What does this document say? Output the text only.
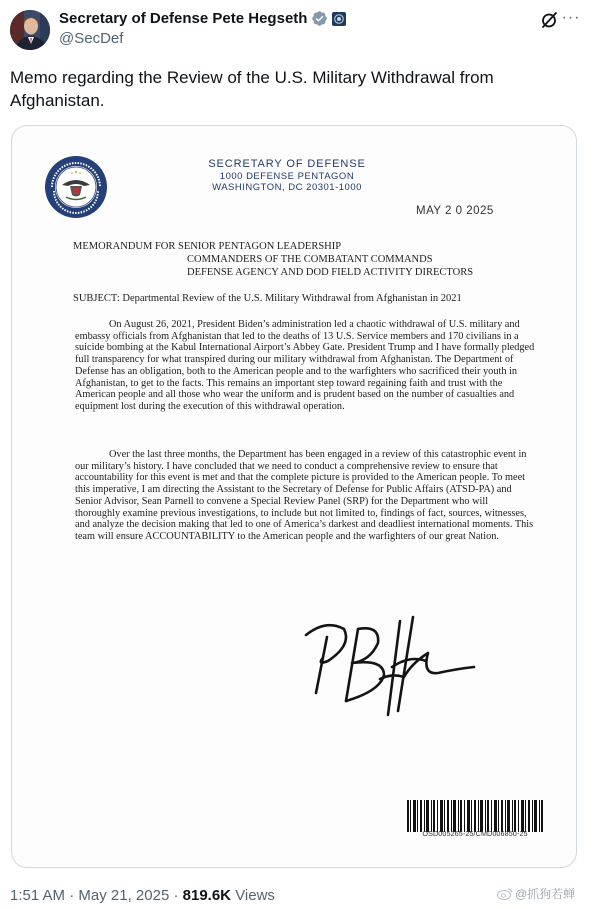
Secretary of Defense Pete Hegseth
@SecDef
···
Memo regarding the Review of the U.S. Military Withdrawal from Afghanistan.
SECRETARY OF DEFENSE
1000 DEFENSE PENTAGON
WASHINGTON, DC 20301-1000
MAY 2 0 2025
MEMORANDUM FOR SENIOR PENTAGON LEADERSHIP
COMMANDERS OF THE COMBATANT COMMANDS
DEFENSE AGENCY AND DOD FIELD ACTIVITY DIRECTORS
SUBJECT: Departmental Review of the U.S. Military Withdrawal from Afghanistan in 2021
On August 26, 2021, President Biden’s administration led a chaotic withdrawal of U.S. military and embassy officials from Afghanistan that led to the deaths of 13 U.S. Service members and 170 civilians in a suicide bombing at the Kabul International Airport’s Abbey Gate. President Trump and I have formally pledged full transparency for what transpired during our military withdrawal from Afghanistan. The Department of Defense has an obligation, both to the American people and to the warfighters who sacrificed their youth in Afghanistan, to get to the facts. This remains an important step toward regaining faith and trust with the American people and all those who wear the uniform and is prudent based on the number of casualties and equipment lost during the execution of this withdrawal operation.
Over the last three months, the Department has been engaged in a review of this catastrophic event in our military’s history. I have concluded that we need to conduct a comprehensive review to ensure that accountability for this event is met and that the complete picture is provided to the American people. To meet this imperative, I am directing the Assistant to the Secretary of Defense for Public Affairs (ATSD-PA) and Senior Advisor, Sean Parnell to convene a Special Review Panel (SRP) for the Department who will thoroughly examine previous investigations, to include but not limited to, findings of fact, sources, witnesses, and analyze the decision making that led to one of America’s darkest and deadliest international moments. This team will ensure ACCOUNTABILITY to the American people and the warfighters of our great Nation.
OSD005265-25/CMD006850-25
1:51 AM · May 21, 2025 · 819.6K Views	@抓狗若蝉
